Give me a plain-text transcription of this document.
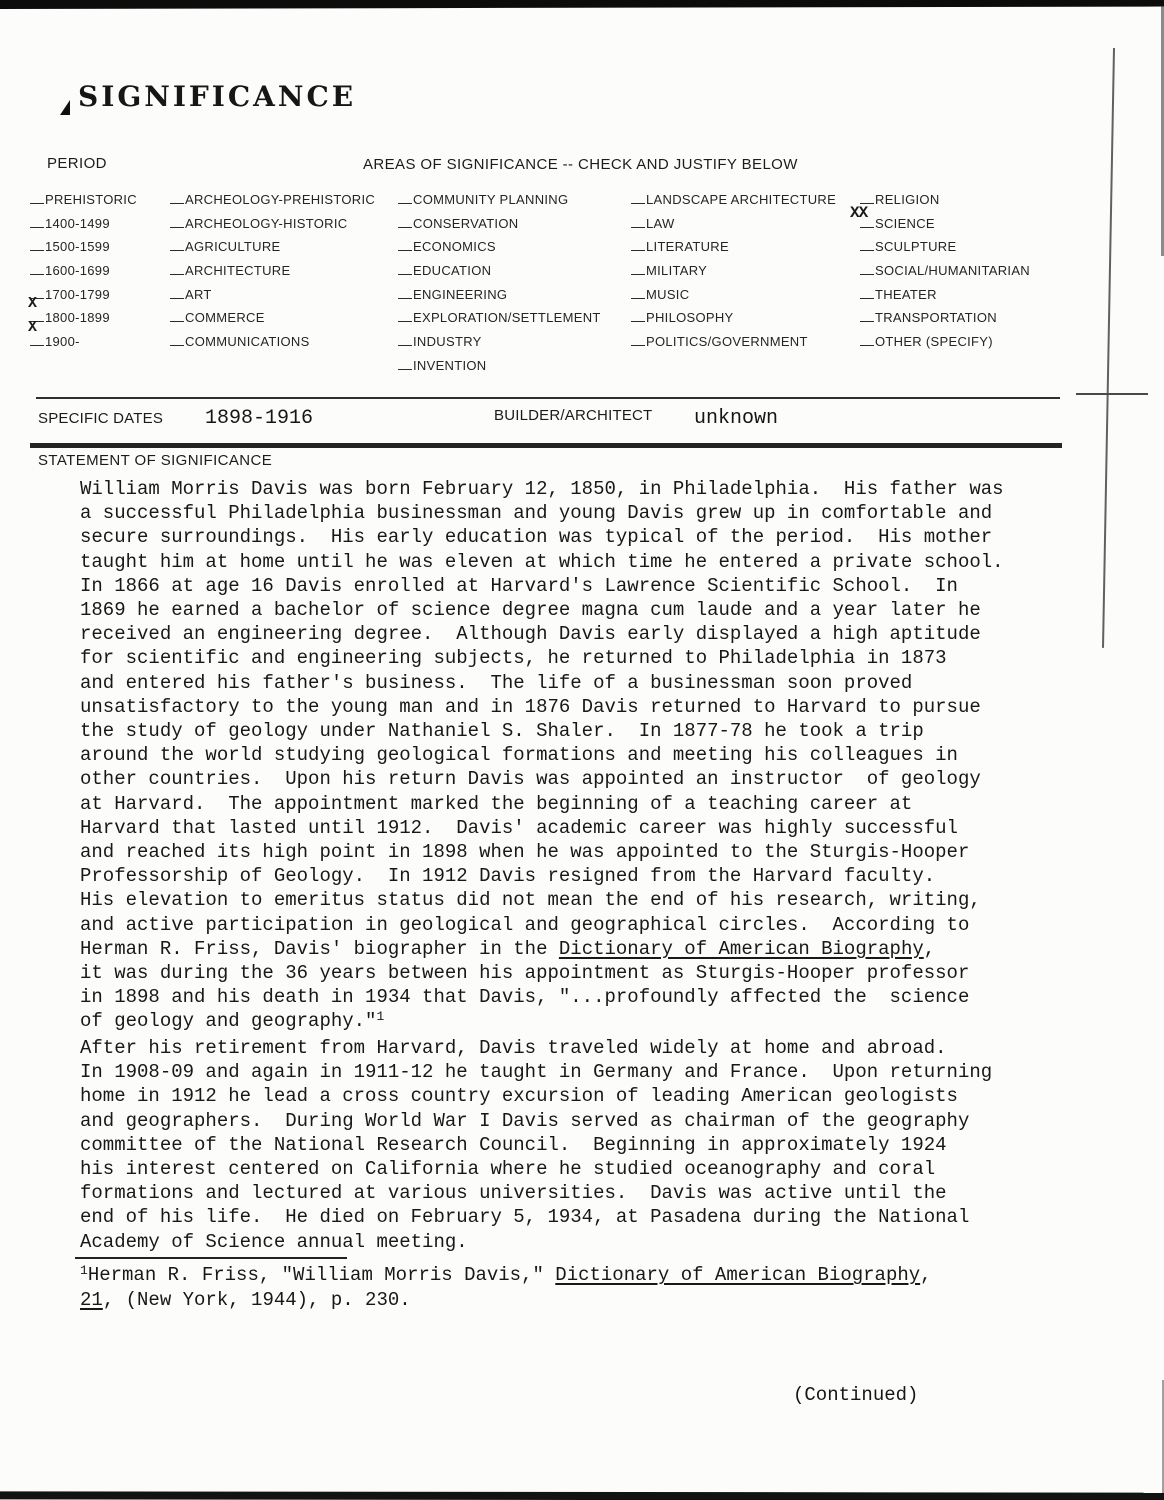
SIGNIFICANCE
PERIOD	AREAS OF SIGNIFICANCE -- CHECK AND JUSTIFY BELOW
PREHISTORIC
1400-1499
1500-1599
1600-1699
1700-1799
X
1800-1899
X
1900-
ARCHEOLOGY-PREHISTORIC
ARCHEOLOGY-HISTORIC
AGRICULTURE
ARCHITECTURE
ART
COMMERCE
COMMUNICATIONS
COMMUNITY PLANNING
CONSERVATION
ECONOMICS
EDUCATION
ENGINEERING
EXPLORATION/SETTLEMENT
INDUSTRY
INVENTION
LANDSCAPE ARCHITECTURE
LAW
LITERATURE
MILITARY
MUSIC
PHILOSOPHY
POLITICS/GOVERNMENT
RELIGION
XX
SCIENCE
SCULPTURE
SOCIAL/HUMANITARIAN
THEATER
TRANSPORTATION
OTHER (SPECIFY)
SPECIFIC DATES 1898-1916	BUILDER/ARCHITECT unknown
STATEMENT OF SIGNIFICANCE
William Morris Davis was born February 12, 1850, in Philadelphia.  His father was
a successful Philadelphia businessman and young Davis grew up in comfortable and
secure surroundings.  His early education was typical of the period.  His mother
taught him at home until he was eleven at which time he entered a private school.
In 1866 at age 16 Davis enrolled at Harvard's Lawrence Scientific School.  In
1869 he earned a bachelor of science degree magna cum laude and a year later he
received an engineering degree.  Although Davis early displayed a high aptitude
for scientific and engineering subjects, he returned to Philadelphia in 1873
and entered his father's business.  The life of a businessman soon proved
unsatisfactory to the young man and in 1876 Davis returned to Harvard to pursue
the study of geology under Nathaniel S. Shaler.  In 1877-78 he took a trip
around the world studying geological formations and meeting his colleagues in
other countries.  Upon his return Davis was appointed an instructor  of geology
at Harvard.  The appointment marked the beginning of a teaching career at
Harvard that lasted until 1912.  Davis' academic career was highly successful
and reached its high point in 1898 when he was appointed to the Sturgis-Hooper
Professorship of Geology.  In 1912 Davis resigned from the Harvard faculty.
His elevation to emeritus status did not mean the end of his research, writing,
and active participation in geological and geographical circles.  According to
Herman R. Friss, Davis' biographer in the Dictionary of American Biography,
it was during the 36 years between his appointment as Sturgis-Hooper professor
in 1898 and his death in 1934 that Davis, "...profoundly affected the  science
of geology and geography."$^1$
After his retirement from Harvard, Davis traveled widely at home and abroad.
In 1908-09 and again in 1911-12 he taught in Germany and France.  Upon returning
home in 1912 he lead a cross country excursion of leading American geologists
and geographers.  During World War I Davis served as chairman of the geography
committee of the National Research Council.  Beginning in approximately 1924
his interest centered on California where he studied oceanography and coral
formations and lectured at various universities.  Davis was active until the
end of his life.  He died on February 5, 1934, at Pasadena during the National
Academy of Science annual meeting.
$^1$Herman R. Friss, "William Morris Davis," Dictionary of American Biography,
21, (New York, 1944), p. 230.
(Continued)
